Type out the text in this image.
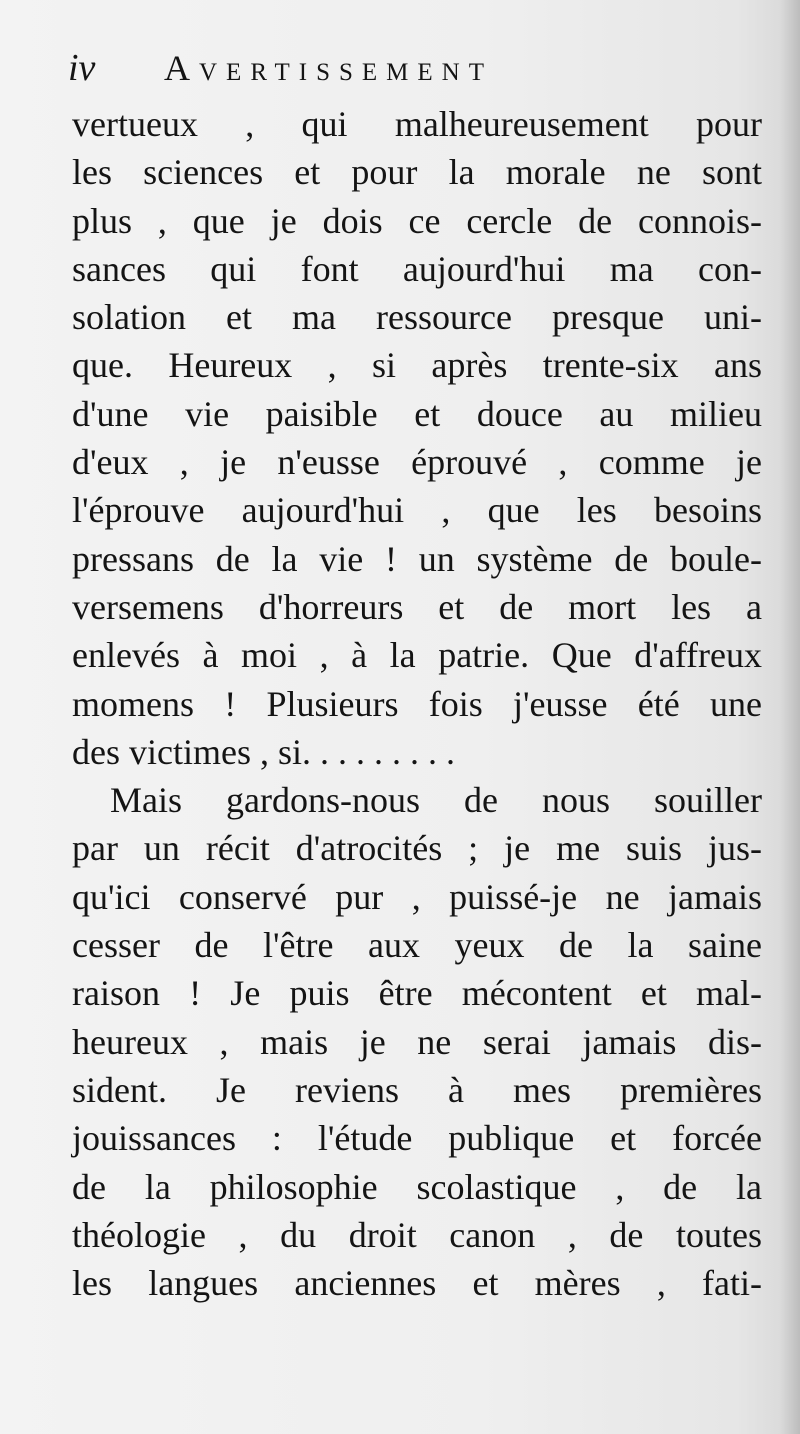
iv Avertissement
vertueux , qui malheureusement pour
les sciences et pour la morale ne sont
plus , que je dois ce cercle de connois-
sances qui font aujourd'hui ma con-
solation et ma ressource presque uni-
que. Heureux , si après trente-six ans
d'une vie paisible et douce au milieu
d'eux , je n'eusse éprouvé , comme je
l'éprouve aujourd'hui , que les besoins
pressans de la vie ! un système de boule-
versemens d'horreurs et de mort les a
enlevés à moi , à la patrie. Que d'affreux
momens ! Plusieurs fois j'eusse été une
des victimes , si. . . . . . . . .
Mais gardons-nous de nous souiller
par un récit d'atrocités ; je me suis jus-
qu'ici conservé pur , puissé-je ne jamais
cesser de l'être aux yeux de la saine
raison ! Je puis être mécontent et mal-
heureux , mais je ne serai jamais dis-
sident. Je reviens à mes premières
jouissances : l'étude publique et forcée
de la philosophie scolastique , de la
théologie , du droit canon , de toutes
les langues anciennes et mères , fati-
